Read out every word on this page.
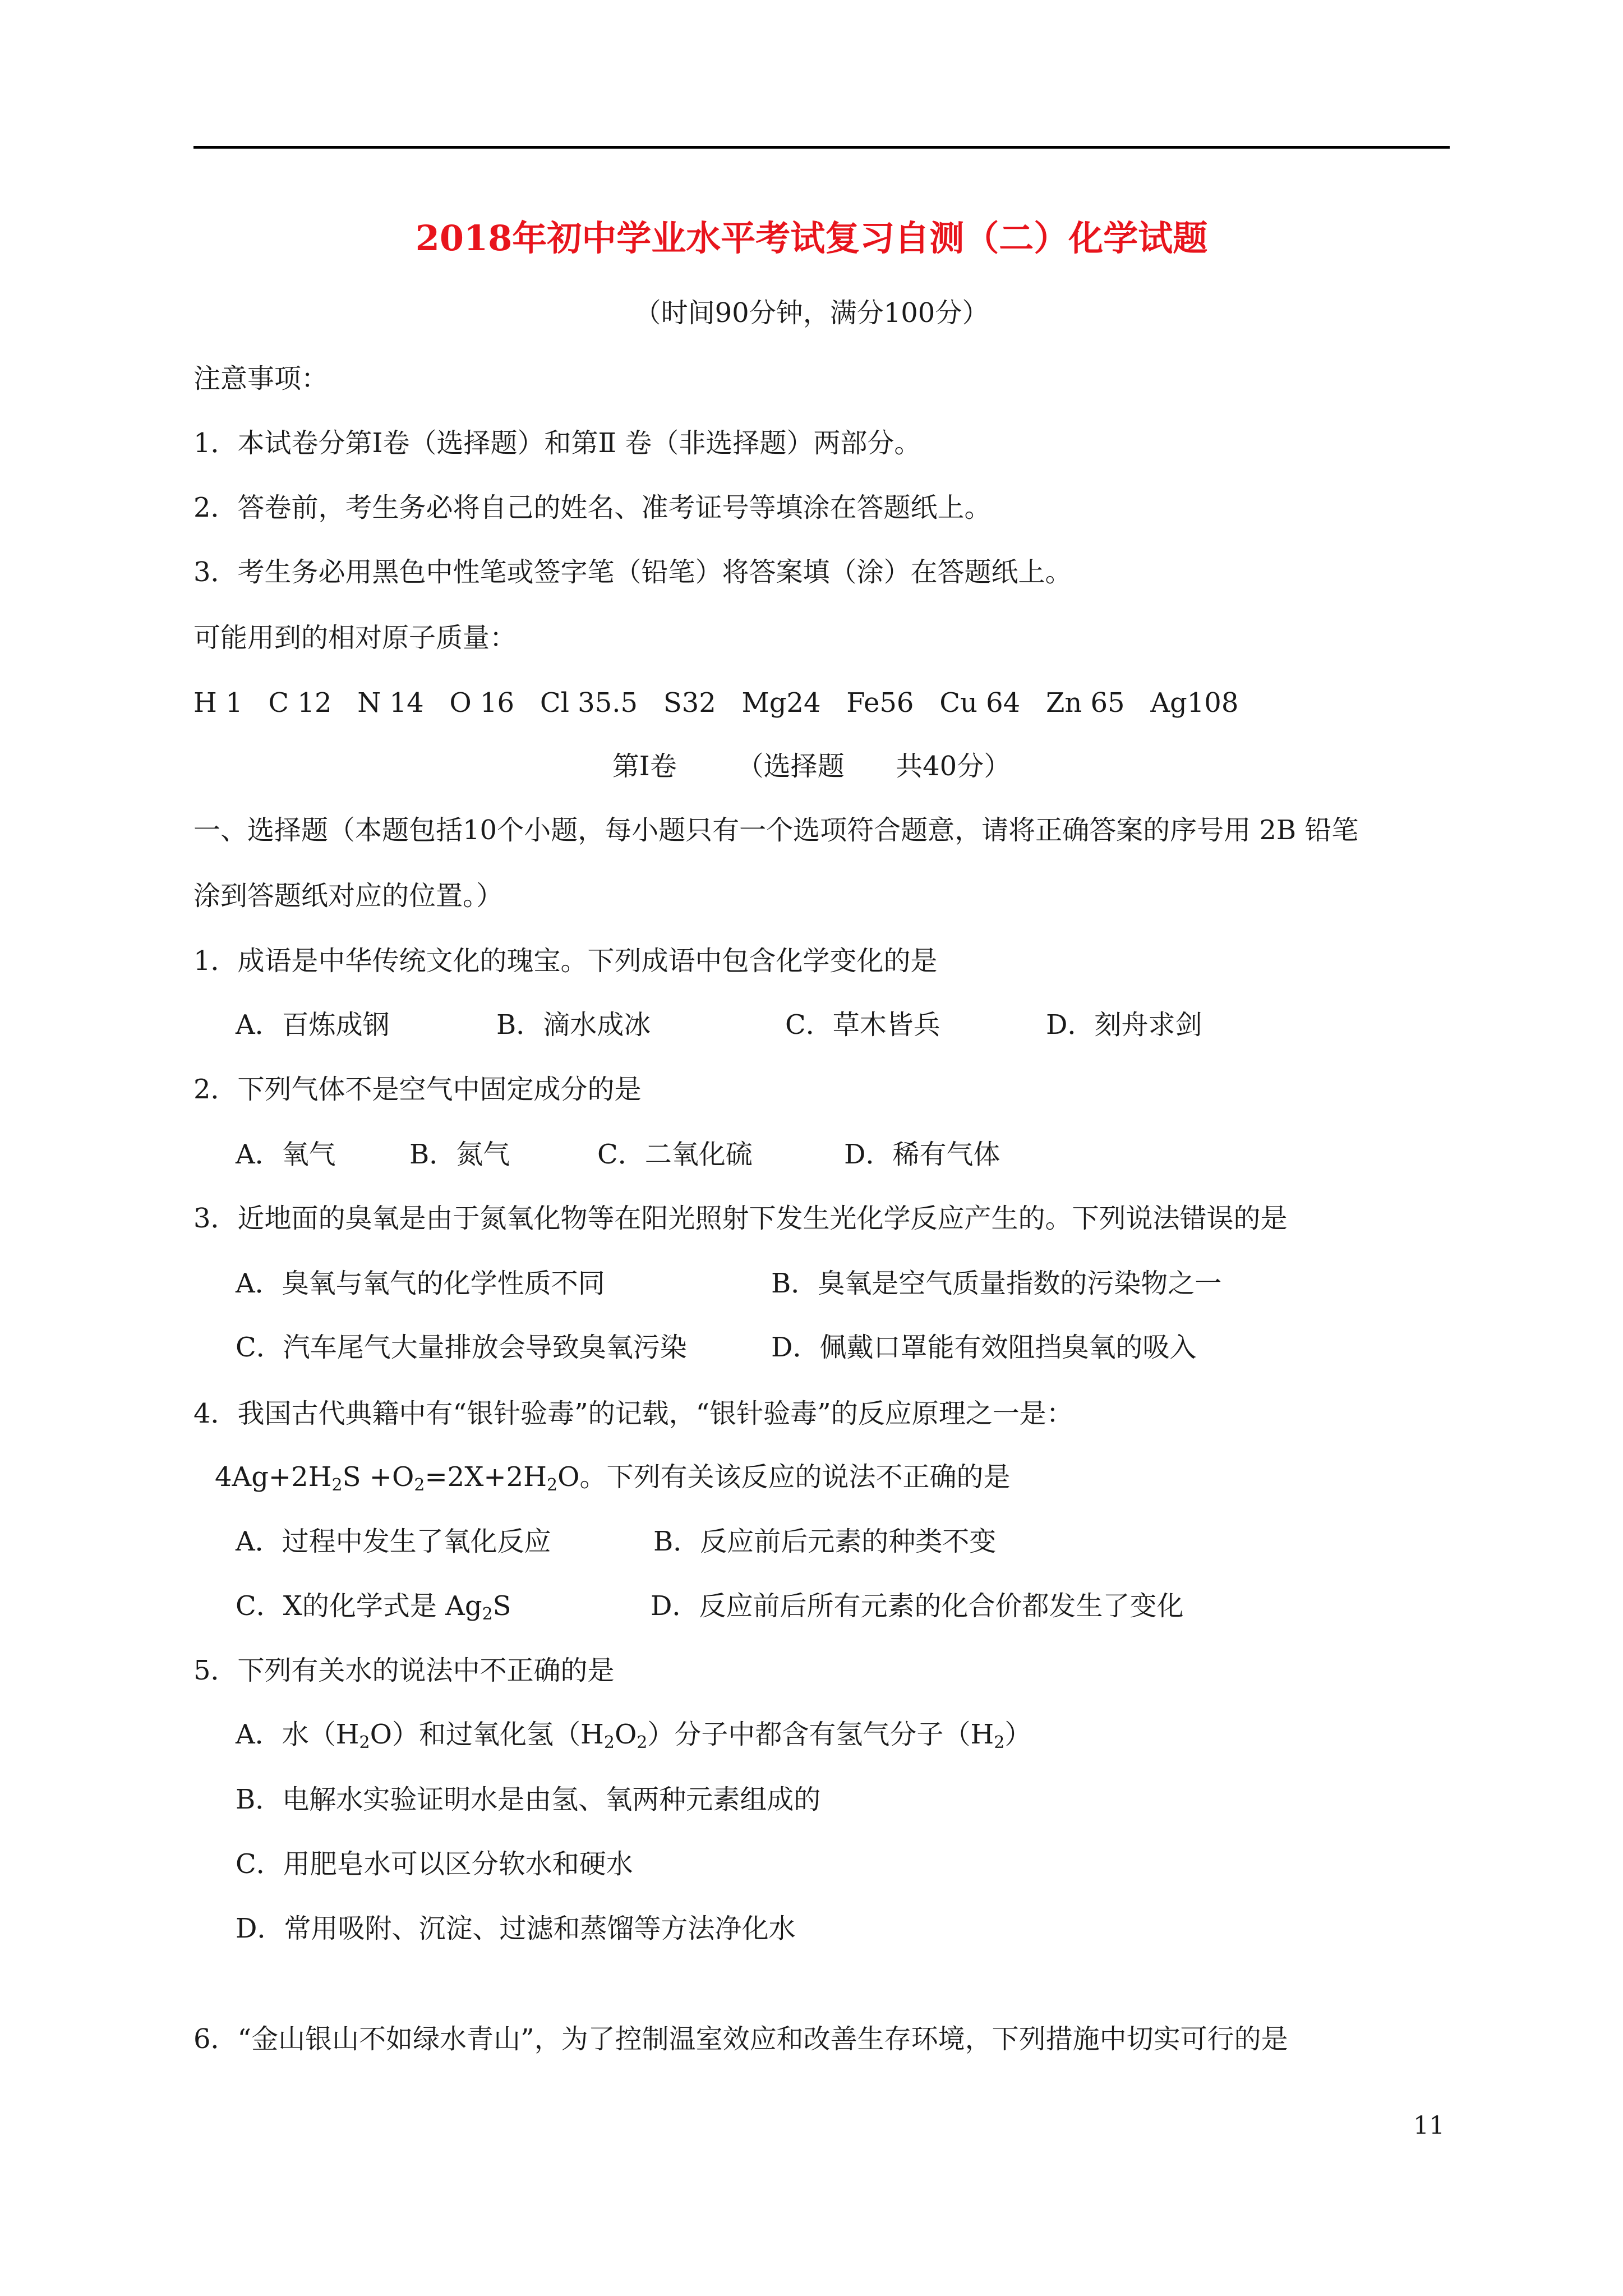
2018年初中学业水平考试复习自测（二）化学试题
（时间90分钟，满分100分）
注意事项：
1．本试卷分第Ⅰ卷（选择题）和第Ⅱ 卷（非选择题）两部分。
2．答卷前，考生务必将自己的姓名、准考证号等填涂在答题纸上。
3．考生务必用黑色中性笔或签字笔（铅笔）将答案填（涂）在答题纸上。
可能用到的相对原子质量：
H 1   C 12   N 14   O 16   Cl 35.5   S32   Mg24   Fe56   Cu 64   Zn 65   Ag108
第Ⅰ卷       （选择题      共40分）
一、选择题（本题包括10个小题，每小题只有一个选项符合题意，请将正确答案的序号用 2B 铅笔
涂到答题纸对应的位置。）
1．成语是中华传统文化的瑰宝。下列成语中包含化学变化的是
A．百炼成钢	B．滴水成冰	C．草木皆兵	D．刻舟求剑
2．下列气体不是空气中固定成分的是
A．氧气	B．氮气	C．二氧化硫	D．稀有气体
3．近地面的臭氧是由于氮氧化物等在阳光照射下发生光化学反应产生的。下列说法错误的是
A．臭氧与氧气的化学性质不同	B．臭氧是空气质量指数的污染物之一
C．汽车尾气大量排放会导致臭氧污染	D．佩戴口罩能有效阻挡臭氧的吸入
4．我国古代典籍中有“银针验毒”的记载，“银针验毒”的反应原理之一是：
$4Ag+2H_2S +O_2=2X+2H_2O$。下列有关该反应的说法不正确的是
A．过程中发生了氧化反应	B．反应前后元素的种类不变
C．X的化学式是 $Ag_2S$	D．反应前后所有元素的化合价都发生了变化
5．下列有关水的说法中不正确的是
A．水$(H_2O)$和过氧化氢$(H_2O_2)$分子中都含有氢气分子$(H_2)$
B．电解水实验证明水是由氢、氧两种元素组成的
C．用肥皂水可以区分软水和硬水
D．常用吸附、沉淀、过滤和蒸馏等方法净化水
6．“金山银山不如绿水青山”，为了控制温室效应和改善生存环境，下列措施中切实可行的是
11
